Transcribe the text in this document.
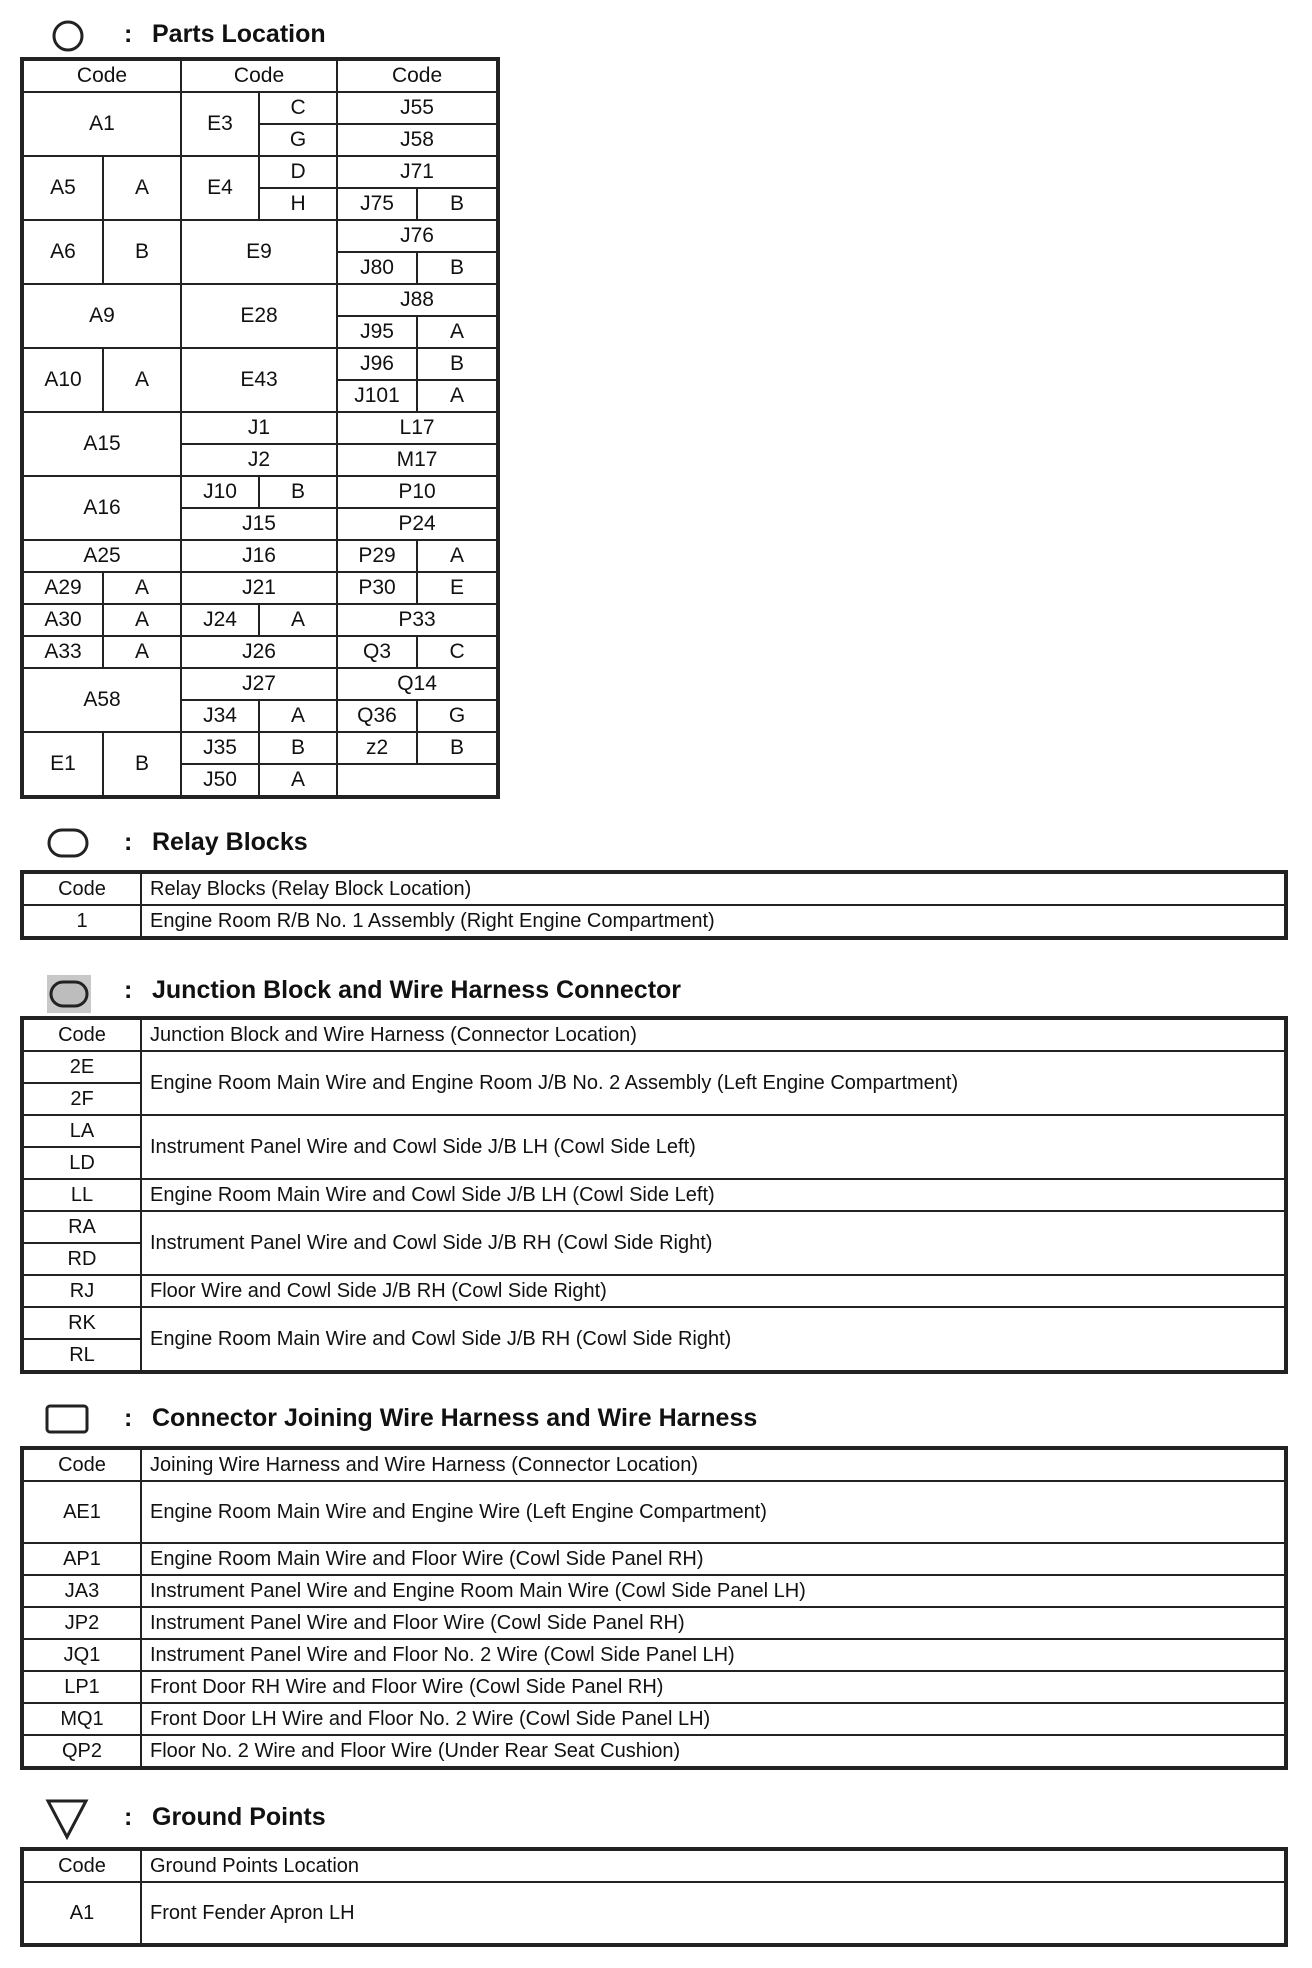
: Parts Location
Code		Code		Code	
A1		E3	C	J55	
			G	J58	
A5	A	E4	D	J71	
			H	J75	B
A6	B	E9		J76	
				J80	B
A9		E28		J88	
				J95	A
A10	A	E43		J96	B
				J101	A
A15		J1		L17	
		J2		M17	
A16		J10	B	P10	
		J15		P24	
A25		J16		P29	A
A29	A	J21		P30	E
A30	A	J24	A	P33	
A33	A	J26		Q3	C
A58		J27		Q14	
		J34	A	Q36	G
E1	B	J35	B	z2	B
		J50	A		
: Relay Blocks
Code	Relay Blocks (Relay Block Location)
1	Engine Room R/B No. 1 Assembly (Right Engine Compartment)
: Junction Block and Wire Harness Connector
Code	Junction Block and Wire Harness (Connector Location)
2E	Engine Room Main Wire and Engine Room J/B No. 2 Assembly (Left Engine Compartment)
2F	
LA	Instrument Panel Wire and Cowl Side J/B LH (Cowl Side Left)
LD	
LL	Engine Room Main Wire and Cowl Side J/B LH (Cowl Side Left)
RA	Instrument Panel Wire and Cowl Side J/B RH (Cowl Side Right)
RD	
RJ	Floor Wire and Cowl Side J/B RH (Cowl Side Right)
RK	Engine Room Main Wire and Cowl Side J/B RH (Cowl Side Right)
RL	
: Connector Joining Wire Harness and Wire Harness
Code	Joining Wire Harness and Wire Harness (Connector Location)
AE1	Engine Room Main Wire and Engine Wire (Left Engine Compartment)
AP1	Engine Room Main Wire and Floor Wire (Cowl Side Panel RH)
JA3	Instrument Panel Wire and Engine Room Main Wire (Cowl Side Panel LH)
JP2	Instrument Panel Wire and Floor Wire (Cowl Side Panel RH)
JQ1	Instrument Panel Wire and Floor No. 2 Wire (Cowl Side Panel LH)
LP1	Front Door RH Wire and Floor Wire (Cowl Side Panel RH)
MQ1	Front Door LH Wire and Floor No. 2 Wire (Cowl Side Panel LH)
QP2	Floor No. 2 Wire and Floor Wire (Under Rear Seat Cushion)
: Ground Points
Code	Ground Points Location
A1	Front Fender Apron LH
